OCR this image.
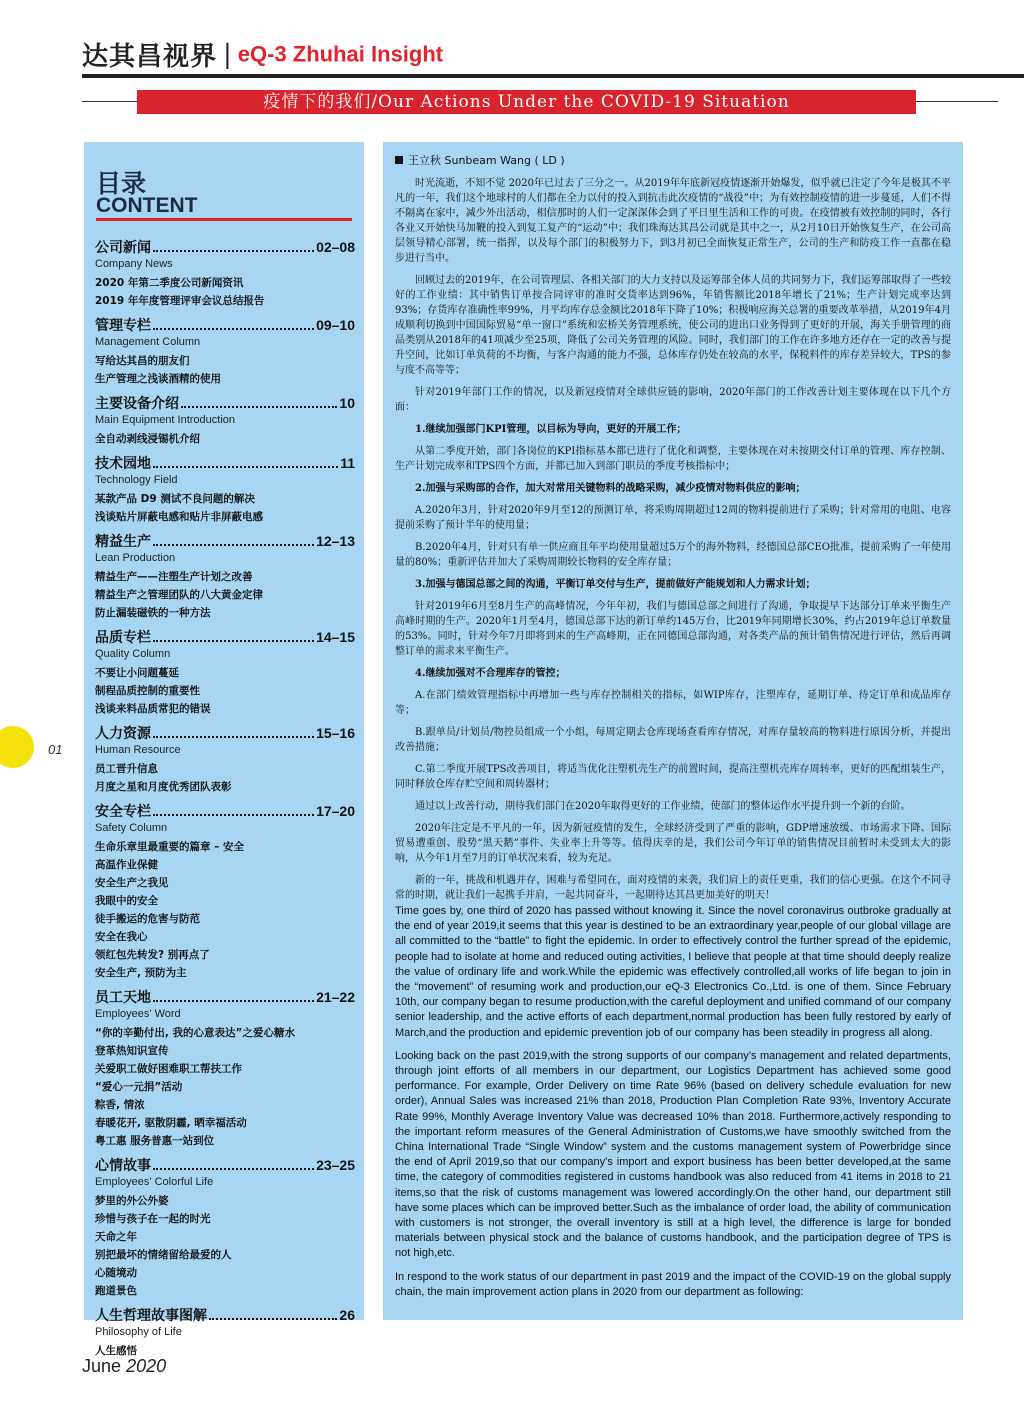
达其昌视界 | eQ-3 Zhuhai Insight
疫情下的我们/Our Actions Under the COVID-19 Situation
目录
CONTENT
公司新闻	02–08
Company News
2020 年第二季度公司新闻资讯
2019 年年度管理评审会议总结报告
管理专栏	09–10
Management Column
写给达其昌的朋友们
生产管理之浅谈酒精的使用
主要设备介绍	10
Main Equipment Introduction
全自动剥线浸锡机介绍
技术园地	11
Technology Field
某款产品 D9 测试不良问题的解决
浅谈贴片屏蔽电感和贴片非屏蔽电感
精益生产	12–13
Lean Production
精益生产——注塑生产计划之改善
精益生产之管理团队的八大黄金定律
防止漏装磁铁的一种方法
品质专栏	14–15
Quality Column
不要让小问题蔓延
制程品质控制的重要性
浅谈来料品质常犯的错误
人力资源	15–16
Human Resource
员工晋升信息
月度之星和月度优秀团队表彰
安全专栏	17–20
Safety Column
生命乐章里最重要的篇章 – 安全
高温作业保健
安全生产之我见
我眼中的安全
徒手搬运的危害与防范
安全在我心
领红包先转发? 别再点了
安全生产, 预防为主
员工天地	21–22
Employees' Word
“你的辛勤付出, 我的心意表达”之爱心糖水
登革热知识宣传
关爱职工做好困难职工帮扶工作
“爱心一元捐”活动
粽香, 情浓
春暖花开, 驱散阴霾, 晒幸福活动
粤工惠 服务普惠一站到位
心情故事	23–25
Employees' Colorful Life
梦里的外公外婆
珍惜与孩子在一起的时光
天命之年
别把最坏的情绪留给最爱的人
心随境动
跑道景色
人生哲理故事图解	26
Philosophy of Life
人生感悟
王立秋 Sunbeam Wang ( LD )

时光流逝，不知不觉 2020年已过去了三分之一。从2019年年底新冠疫情逐渐开始爆发，似乎就已注定了今年是极其不平凡的一年，我们这个地球村的人们都在全力以付的投入到抗击此次疫情的“战役”中；为有效控制疫情的进一步蔓延，人们不得不隔离在家中，减少外出活动，相信那时的人们一定深深体会到了平日里生活和工作的可贵。在疫情被有效控制的同时，各行各业又开始快马加鞭的投入到复工复产的“运动”中；我们珠海达其昌公司就是其中之一，从2月10日开始恢复生产，在公司高层领导精心部署，统一指挥，以及每个部门的积极努力下，到3月初已全面恢复正常生产，公司的生产和防疫工作一直都在稳步进行当中。

回顾过去的2019年，在公司管理层、各相关部门的大力支持以及运筹部全体人员的共同努力下，我们运筹部取得了一些较好的工作业绩：其中销售订单按合同评审的准时交货率达到96%，年销售额比2018年增长了21%；生产计划完成率达到93%；存货库存准确性率99%，月平均库存总金额比2018年下降了10%；积极响应海关总署的重要改革举措，从2019年4月成顺利切换到中国国际贸易“单一窗口”系统和宏桥关务管理系统，使公司的进出口业务得到了更好的开展，海关手册管理的商品类别从2018年的41项减少至25项，降低了公司关务管理的风险。同时，我们部门的工作在许多地方还存在一定的改善与提升空间，比如订单负荷的不均衡，与客户沟通的能力不强，总体库存仍处在较高的水平，保税料件的库存差异较大，TPS的参与度不高等等；

针对2019年部门工作的情况，以及新冠疫情对全球供应链的影响，2020年部门的工作改善计划主要体现在以下几个方面：

1.继续加强部门KPI管理，以目标为导向，更好的开展工作；

从第二季度开始，部门各岗位的KPI指标基本都已进行了优化和调整，主要体现在对未按期交付订单的管理、库存控制、生产计划完成率和TPS四个方面，并都已加入到部门职员的季度考核指标中；

2.加强与采购部的合作，加大对常用关键物料的战略采购，减少疫情对物料供应的影响；

A.2020年3月，针对2020年9月至12的预测订单，将采购周期超过12周的物料提前进行了采购；针对常用的电阻、电容提前采购了预计半年的使用量；

B.2020年4月，针对只有单一供应商且年平均使用量超过5万个的海外物料，经德国总部CEO批准，提前采购了一年使用量的80%；重新评估并加大了采购周期较长物料的安全库存量；

3.加强与德国总部之间的沟通，平衡订单交付与生产，提前做好产能规划和人力需求计划；

针对2019年6月至8月生产的高峰情况，今年年初，我们与德国总部之间进行了沟通，争取提早下达部分订单来平衡生产高峰时期的生产。2020年1月至4月，德国总部下达的新订单约145万台，比2019年同期增长30%，约占2019年总订单数量的53%。同时，针对今年7月即将到来的生产高峰期，正在同德国总部沟通，对各类产品的预计销售情况进行评估，然后再调整订单的需求来平衡生产。

4.继续加强对不合理库存的管控；

A.在部门绩效管理指标中再增加一些与库存控制相关的指标，如WIP库存，注塑库存，延期订单、待定订单和成品库存等；

B.跟单员/计划员/物控员组成一个小组，每周定期去仓库现场查看库存情况，对库存量较高的物料进行原因分析，并提出改善措施；

C.第二季度开展TPS改善项目，将适当优化注塑机壳生产的前置时间，提高注塑机壳库存周转率，更好的匹配组装生产，同时释放仓库存贮空间和周转器材；

通过以上改善行动，期待我们部门在2020年取得更好的工作业绩，使部门的整体运作水平提升到一个新的台阶。

2020年注定是不平凡的一年，因为新冠疫情的发生，全球经济受到了严重的影响，GDP增速放缓、市场需求下降、国际贸易遭重创、股势“黑天鹅”事件、失业率上升等等。值得庆幸的是，我们公司今年订单的销售情况目前暂时未受到太大的影响，从今年1月至7月的订单状况来看，较为充足。

新的一年，挑战和机遇并存，困难与希望同在，面对疫情的来袭，我们肩上的责任更重，我们的信心更强。在这个不同寻常的时期，就让我们一起携手并肩，一起共同奋斗，一起期待达其昌更加美好的明天！

Time goes by, one third of 2020 has passed without knowing it. Since the novel coronavirus outbroke gradually at the end of year 2019,it seems that this year is destined to be an extraordinary year,people of our global village are all committed to the “battle” to fight the epidemic. In order to effectively control the further spread of the epidemic, people had to isolate at home and reduced outing activities, I believe that people at that time should deeply realize the value of ordinary life and work.While the epidemic was effectively controlled,all works of life began to join in the “movement” of resuming work and production,our eQ-3 Electronics Co.,Ltd. is one of them. Since February 10th, our company began to resume production,with the careful deployment and unified command of our company senior leadership, and the active efforts of each department,normal production has been fully restored by early of March,and the production and epidemic prevention job of our company has been steadily in progress all along.

Looking back on the past 2019,with the strong supports of our company’s management and related departments, through joint efforts of all members in our department, our Logistics Department has achieved some good performance. For example, Order Delivery on time Rate 96% (based on delivery schedule evaluation for new order), Annual Sales was increased 21% than 2018, Production Plan Completion Rate 93%, Inventory Accurate Rate 99%, Monthly Average Inventory Value was decreased 10% than 2018. Furthermore,actively responding to the important reform measures of the General Administration of Customs,we have smoothly switched from the China International Trade “Single Window” system and the customs management system of Powerbridge since the end of April 2019,so that our company’s import and export business has been better developed,at the same time, the category of commodities registered in customs handbook was also reduced from 41 items in 2018 to 21 items,so that the risk of customs management was lowered accordingly.On the other hand, our department still have some places which can be improved better.Such as the imbalance of order load, the ability of communication with customers is not stronger, the overall inventory is still at a high level, the difference is large for bonded materials between physical stock and the balance of customs handbook, and the participation degree of TPS is not high,etc.

In respond to the work status of our department in past 2019 and the impact of the COVID-19 on the global supply chain, the main improvement action plans in 2020 from our department as following:

01
June 2020
